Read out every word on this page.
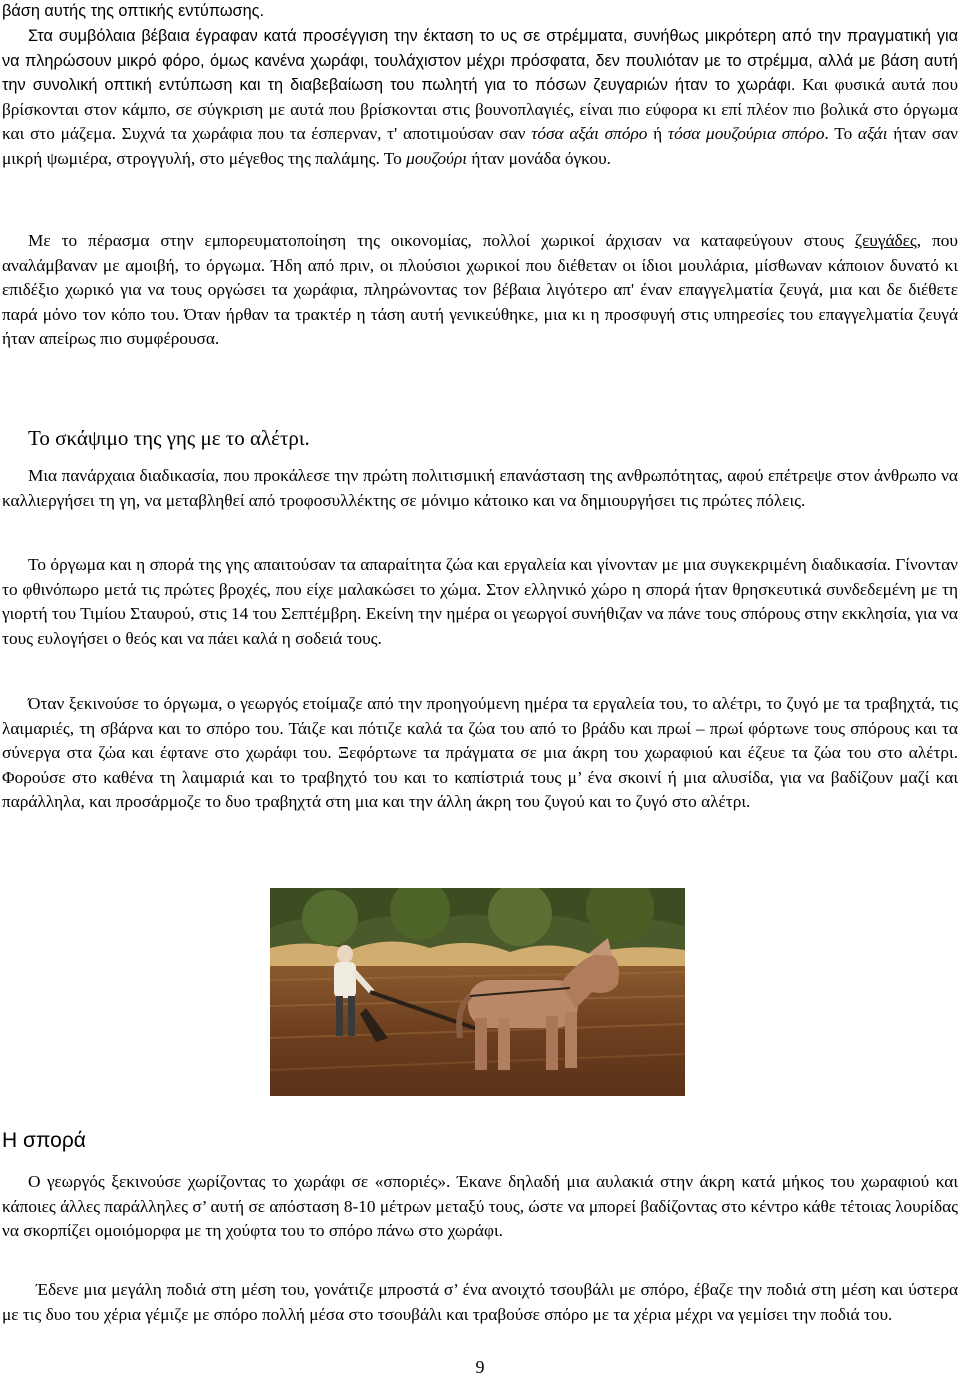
βάση αυτής της οπτικής εντύπωσης.

Στα συμβόλαια βέβαια έγραφαν κατά προσέγγιση την έκταση το υς σε στρέμματα, συνήθως μικρότερη από την πραγματική για να πληρώσουν μικρό φόρο, όμως κανένα χωράφι, τουλάχιστον μέχρι πρόσφατα, δεν πουλιόταν με το στρέμμα, αλλά με βάση αυτή την συνολική οπτική εντύπωση και τη διαβεβαίωση του πωλητή για το πόσων ζευγαριών ήταν το χωράφι. Και φυσικά αυτά που βρίσκονται στον κάμπο, σε σύγκριση με αυτά που βρίσκονται στις βουνοπλαγιές, είναι πιο εύφορα κι επί πλέον πιο βολικά στο όργωμα και στο μάζεμα. Συχνά τα χωράφια που τα έσπερναν, τ' αποτιμούσαν σαν τόσα αξάι σπόρο ή τόσα μουζούρια σπόρο. Το αξάι ήταν σαν μικρή ψωμιέρα, στρογγυλή, στο μέγεθος της παλάμης. Το μουζούρι ήταν μονάδα όγκου.

Με το πέρασμα στην εμπορευματοποίηση της οικονομίας, πολλοί χωρικοί άρχισαν να καταφεύγουν στους ζευγάδες, που αναλάμβαναν με αμοιβή, το όργωμα. Ήδη από πριν, οι πλούσιοι χωρικοί που διέθεταν οι ίδιοι μουλάρια, μίσθωναν κάποιον δυνατό κι επιδέξιο χωρικό για να τους οργώσει τα χωράφια, πληρώνοντας τον βέβαια λιγότερο απ' έναν επαγγελματία ζευγά, μια και δε διέθετε παρά μόνο τον κόπο του. Όταν ήρθαν τα τρακτέρ η τάση αυτή γενικεύθηκε, μια κι η προσφυγή στις υπηρεσίες του επαγγελματία ζευγά ήταν απείρως πιο συμφέρουσα.

Το σκάψιμο της γης με το αλέτρι.

Μια πανάρχαια διαδικασία, που προκάλεσε την πρώτη πολιτισμική επανάσταση της ανθρωπότητας, αφού επέτρεψε στον άνθρωπο να καλλιεργήσει τη γη, να μεταβληθεί από τροφοσυλλέκτης σε μόνιμο κάτοικο και να δημιουργήσει τις πρώτες πόλεις.

Το όργωμα και η σπορά της γης απαιτούσαν τα απαραίτητα ζώα και εργαλεία και γίνονταν με μια συγκεκριμένη διαδικασία. Γίνονταν το φθινόπωρο μετά τις πρώτες βροχές, που είχε μαλακώσει το χώμα. Στον ελληνικό χώρο η σπορά ήταν θρησκευτικά συνδεδεμένη με τη γιορτή του Τιμίου Σταυρού, στις 14 του Σεπτέμβρη. Εκείνη την ημέρα οι γεωργοί συνήθιζαν να πάνε τους σπόρους στην εκκλησία, για να τους ευλογήσει ο θεός και να πάει καλά η σοδειά τους.

Όταν ξεκινούσε το όργωμα, ο γεωργός ετοίμαζε από την προηγούμενη ημέρα τα εργαλεία του, το αλέτρι, το ζυγό με τα τραβηχτά, τις λαιμαριές, τη σβάρνα και το σπόρο του. Τάιζε και πότιζε καλά τα ζώα του από το βράδυ και πρωί – πρωί φόρτωνε τους σπόρους και τα σύνεργα στα ζώα και έφτανε στο χωράφι του. Ξεφόρτωνε τα πράγματα σε μια άκρη του χωραφιού και έζευε τα ζώα του στο αλέτρι. Φορούσε στο καθένα τη λαιμαριά και το τραβηχτό του και το καπίστριά τους μ’ ένα σκοινί ή μια αλυσίδα, για να βαδίζουν μαζί και παράλληλα, και προσάρμοζε το δυο τραβηχτά στη μια και την άλλη άκρη του ζυγού και το ζυγό στο αλέτρι.

Η σπορά

Ο γεωργός ξεκινούσε χωρίζοντας το χωράφι σε «σποριές». Έκανε δηλαδή μια αυλακιά στην άκρη κατά μήκος του χωραφιού και κάποιες άλλες παράλληλες σ’ αυτή σε απόσταση 8-10 μέτρων μεταξύ τους, ώστε να μπορεί βαδίζοντας στο κέντρο κάθε τέτοιας λουρίδας να σκορπίζει ομοιόμορφα με τη χούφτα του το σπόρο πάνω στο χωράφι.

Έδενε μια μεγάλη ποδιά στη μέση του, γονάτιζε μπροστά σ’ ένα ανοιχτό τσουβάλι με σπόρο, έβαζε την ποδιά στη μέση και ύστερα με τις δυο του χέρια γέμιζε με σπόρο πολλή μέσα στο τσουβάλι και τραβούσε σπόρο με τα χέρια μέχρι να γεμίσει την ποδιά του.

9
